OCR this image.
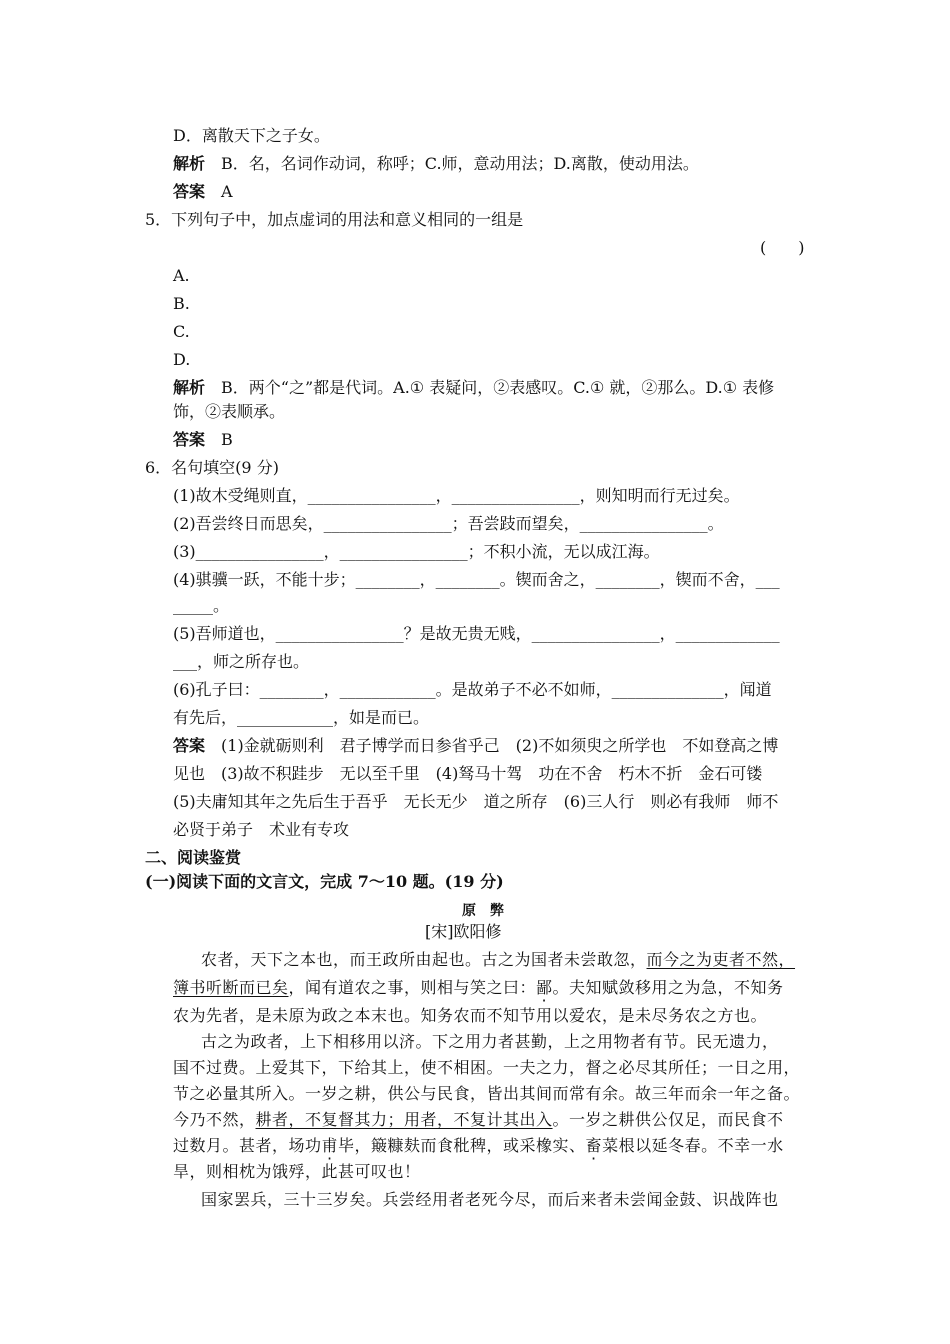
D．离散天下之子女。
解析　B．名，名词作动词，称呼；C.师，意动用法；D.离散，使动用法。
答案　A
5．下列句子中，加点虚词的用法和意义相同的一组是
(　　)
A.
B.
C.
D.
解析　B．两个“之”都是代词。A.① 表疑问，②表感叹。C.① 就，②那么。D.① 表修
饰，②表顺承。
答案　B
6．名句填空(9 分)
(1)故木受绳则直，________________，________________，则知明而行无过矣。
(2)吾尝终日而思矣，________________；吾尝跂而望矣，________________。
(3)________________，________________；不积小流，无以成江海。
(4)骐骥一跃，不能十步；________，________。锲而舍之，________，锲而不舍，___
_____。
(5)吾师道也，________________？是故无贵无贱，________________，_____________
___，师之所存也。
(6)孔子曰：________，____________。是故弟子不必不如师，______________，闻道
有先后，____________，如是而已。
答案　(1)金就砺则利　君子博学而日参省乎己　(2)不如须臾之所学也　不如登高之博
见也　(3)故不积跬步　无以至千里　(4)驽马十驾　功在不舍　朽木不折　金石可镂
(5)夫庸知其年之先后生于吾乎　无长无少　道之所存　(6)三人行　则必有我师　师不
必贤于弟子　术业有专攻
二、阅读鉴赏
(一)阅读下面的文言文，完成 7～10 题。(19 分)
原弊
[宋]欧阳修
农者，天下之本也，而王政所由起也。古之为国者未尝敢忽，而今之为吏者不然，
簿书听断而已矣，闻有道农之事，则相与笑之曰：鄙。夫知赋敛移用之为急，不知务
农为先者，是未原为政之本末也。知务农而不知节用以爱农，是未尽务农之方也。
古之为政者，上下相移用以济。下之用力者甚勤，上之用物者有节。民无遗力，
国不过费。上爱其下，下给其上，使不相困。一夫之力，督之必尽其所任；一日之用，
节之必量其所入。一岁之耕，供公与民食，皆出其间而常有余。故三年而余一年之备。
今乃不然，耕者，不复督其力；用者，不复计其出入。一岁之耕供公仅足，而民食不
过数月。甚者，场功甫毕，簸糠麸而食秕稗，或采橡实、畜菜根以延冬春。不幸一水
旱，则相枕为饿殍，此甚可叹也！
国家罢兵，三十三岁矣。兵尝经用者老死今尽，而后来者未尝闻金鼓、识战阵也
